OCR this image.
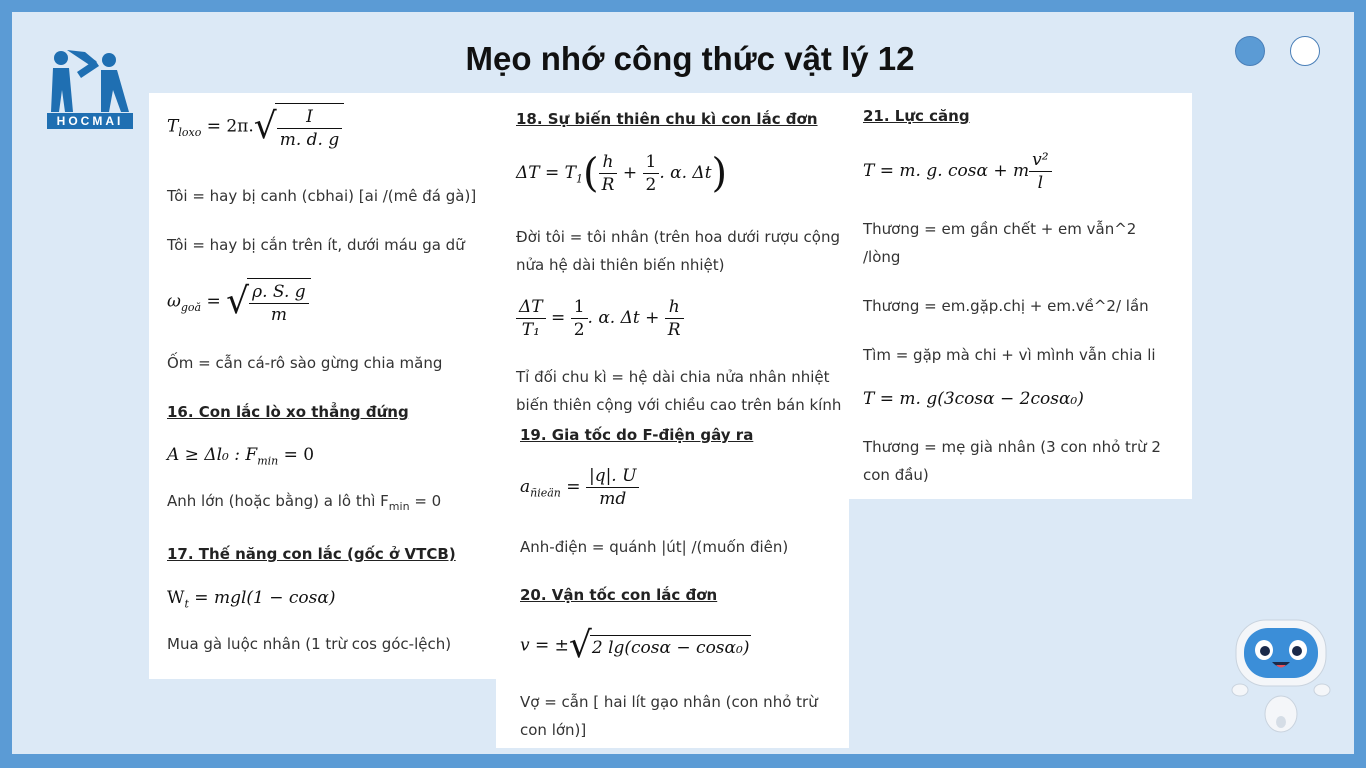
HOCMAI
Mẹo nhớ công thức vật lý 12
$T_{loxo} = 2\pi.√ \frac{I}{m. d. g}$
Tôi = hay bị canh (cbhai) [ai /(mê đá gà)]
Tôi = hay bị cắn trên ít, dưới máu ga dữ
$\omega_{goă}$ = √ $\frac{\rho. S. g}{m}$
Ốm = cẫn cá-rô sào gừng chia măng
16. Con lắc lò xo thẳng đứng
A ≥ Δl₀ : $F_{min} = 0$
Anh lớn (hoặc bằng) a lô thì $F_{min} = 0$
17. Thế năng con lắc (gốc ở VTCB)
$W_t = mgl(1 - \cos\alpha)$
Mua gà luộc nhân (1 trừ cos góc-lệch)
18. Sự biến thiên chu kì con lắc đơn
$\Delta T = T_1( \frac{h}{R} + \frac{1}{2}$ . α. Δt)
Đời tôi = tôi nhân (trên hoa dưới rượu cộng
nửa hệ dài thiên biến nhiệt)
$\frac{\Delta T}{\text{T₁}} = \frac{1}{2}$ . α. $\Delta t + \frac{h}{R}$
Tỉ đối chu kì = hệ dài chia nửa nhân nhiệt
biến thiên cộng với chiều cao trên bán kính
19. Gia tốc do F-điện gây ra
$a_{ñieän} = \frac{|q|. U}{md}$
Anh-điện = quánh |út| /(muốn điên)
20. Vận tốc con lắc đơn
v = ±√2 lg(cosα − cosα₀)
Vợ = cẫn [ hai lít gạo nhân (con nhỏ trừ
con lớn)]
21. Lực căng
T = m. g. cosα + m $\frac{\text{v²}}{l}$
Thương = em gần chết + em vẫn^2
/lòng
Thương = em.gặp.chị + em.về^2/ lần
Tìm = gặp mà chi + vì mình vẫn chia li
T = m. g(3cosα − 2cosα₀)
Thương = mẹ già nhân (3 con nhỏ trừ 2
con đầu)
